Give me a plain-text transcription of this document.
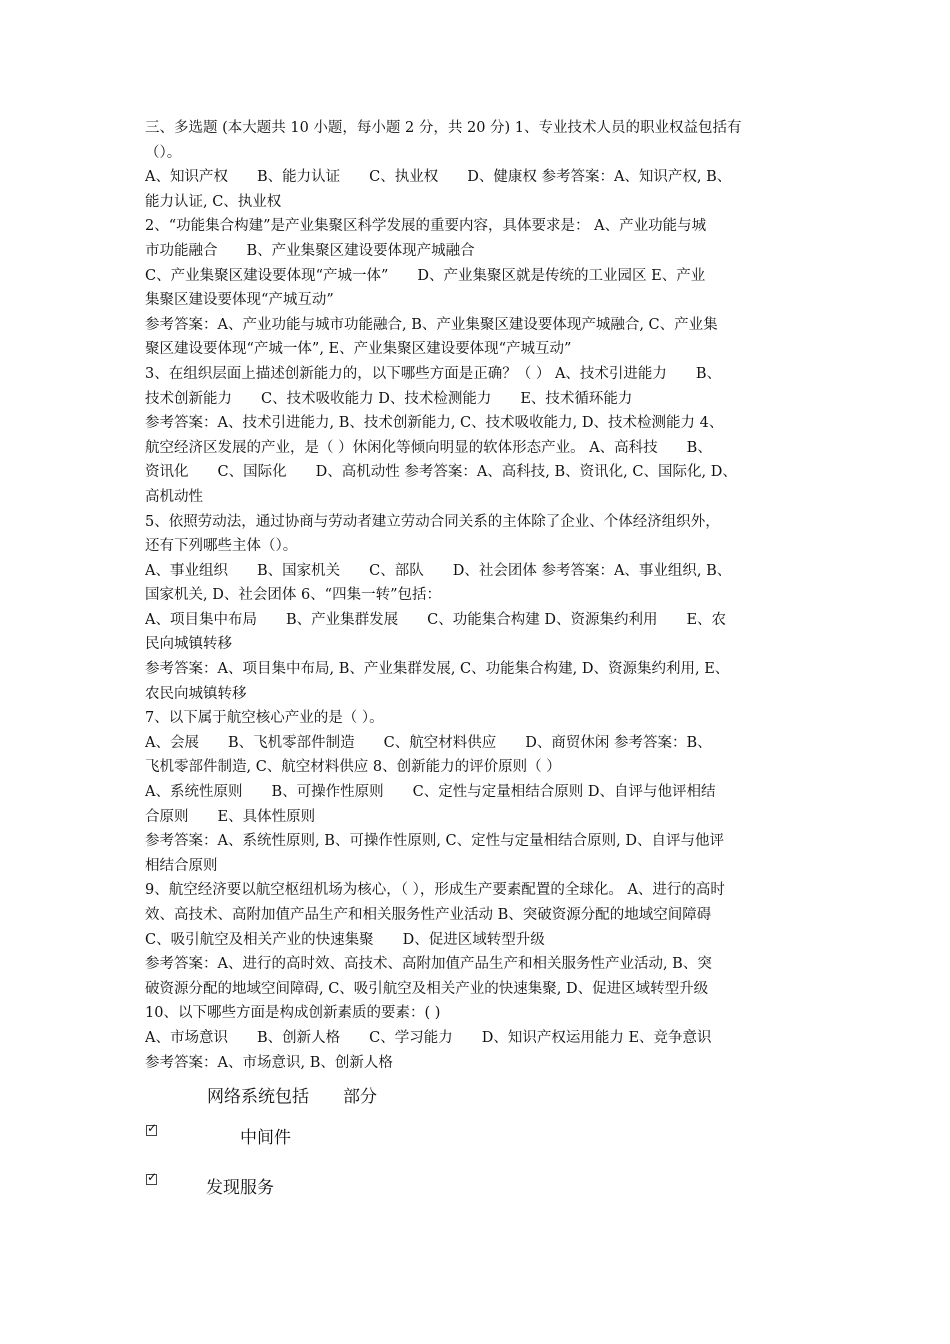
三、多选题 (本大题共 10 小题，每小题 2 分，共 20 分) 1、专业技术人员的职业权益包括有
（）。
A、知识产权　　B、能力认证　　C、执业权　　D、健康权 参考答案：A、知识产权, B、
能力认证, C、执业权
2、“功能集合构建”是产业集聚区科学发展的重要内容，具体要求是： A、产业功能与城
市功能融合　　B、产业集聚区建设要体现产城融合
C、产业集聚区建设要体现“产城一体”　　D、产业集聚区就是传统的工业园区 E、产业
集聚区建设要体现“产城互动”
参考答案：A、产业功能与城市功能融合, B、产业集聚区建设要体现产城融合, C、产业集
聚区建设要体现“产城一体”, E、产业集聚区建设要体现“产城互动”
3、在组织层面上描述创新能力的，以下哪些方面是正确？（ ） A、技术引进能力　　B、
技术创新能力　　C、技术吸收能力 D、技术检测能力　　E、技术循环能力
参考答案：A、技术引进能力, B、技术创新能力, C、技术吸收能力, D、技术检测能力 4、
航空经济区发展的产业，是（ ）休闲化等倾向明显的软体形态产业。 A、高科技　　B、
资讯化　　C、国际化　　D、高机动性 参考答案：A、高科技, B、资讯化, C、国际化, D、
高机动性
5、依照劳动法，通过协商与劳动者建立劳动合同关系的主体除了企业、个体经济组织外，
还有下列哪些主体（）。
A、事业组织　　B、国家机关　　C、部队　　D、社会团体 参考答案：A、事业组织, B、
国家机关, D、社会团体 6、“四集一转”包括：
A、项目集中布局　　B、产业集群发展　　C、功能集合构建 D、资源集约利用　　E、农
民向城镇转移
参考答案：A、项目集中布局, B、产业集群发展, C、功能集合构建, D、资源集约利用, E、
农民向城镇转移
7、以下属于航空核心产业的是（ ）。
A、会展　　B、飞机零部件制造　　C、航空材料供应　　D、商贸休闲 参考答案：B、
飞机零部件制造, C、航空材料供应 8、创新能力的评价原则（ ）
A、系统性原则　　B、可操作性原则　　C、定性与定量相结合原则 D、自评与他评相结
合原则　　E、具体性原则
参考答案：A、系统性原则, B、可操作性原则, C、定性与定量相结合原则, D、自评与他评
相结合原则
9、航空经济要以航空枢纽机场为核心，（ ），形成生产要素配置的全球化。 A、进行的高时
效、高技术、高附加值产品生产和相关服务性产业活动 B、突破资源分配的地域空间障碍
C、吸引航空及相关产业的快速集聚　　D、促进区域转型升级
参考答案：A、进行的高时效、高技术、高附加值产品生产和相关服务性产业活动, B、突
破资源分配的地域空间障碍, C、吸引航空及相关产业的快速集聚, D、促进区域转型升级
10、以下哪些方面是构成创新素质的要素：( )
A、市场意识　　B、创新人格　　C、学习能力　　D、知识产权运用能力 E、竞争意识
参考答案：A、市场意识, B、创新人格
网络系统包括　　部分
✓	中间件
✓
发现服务
